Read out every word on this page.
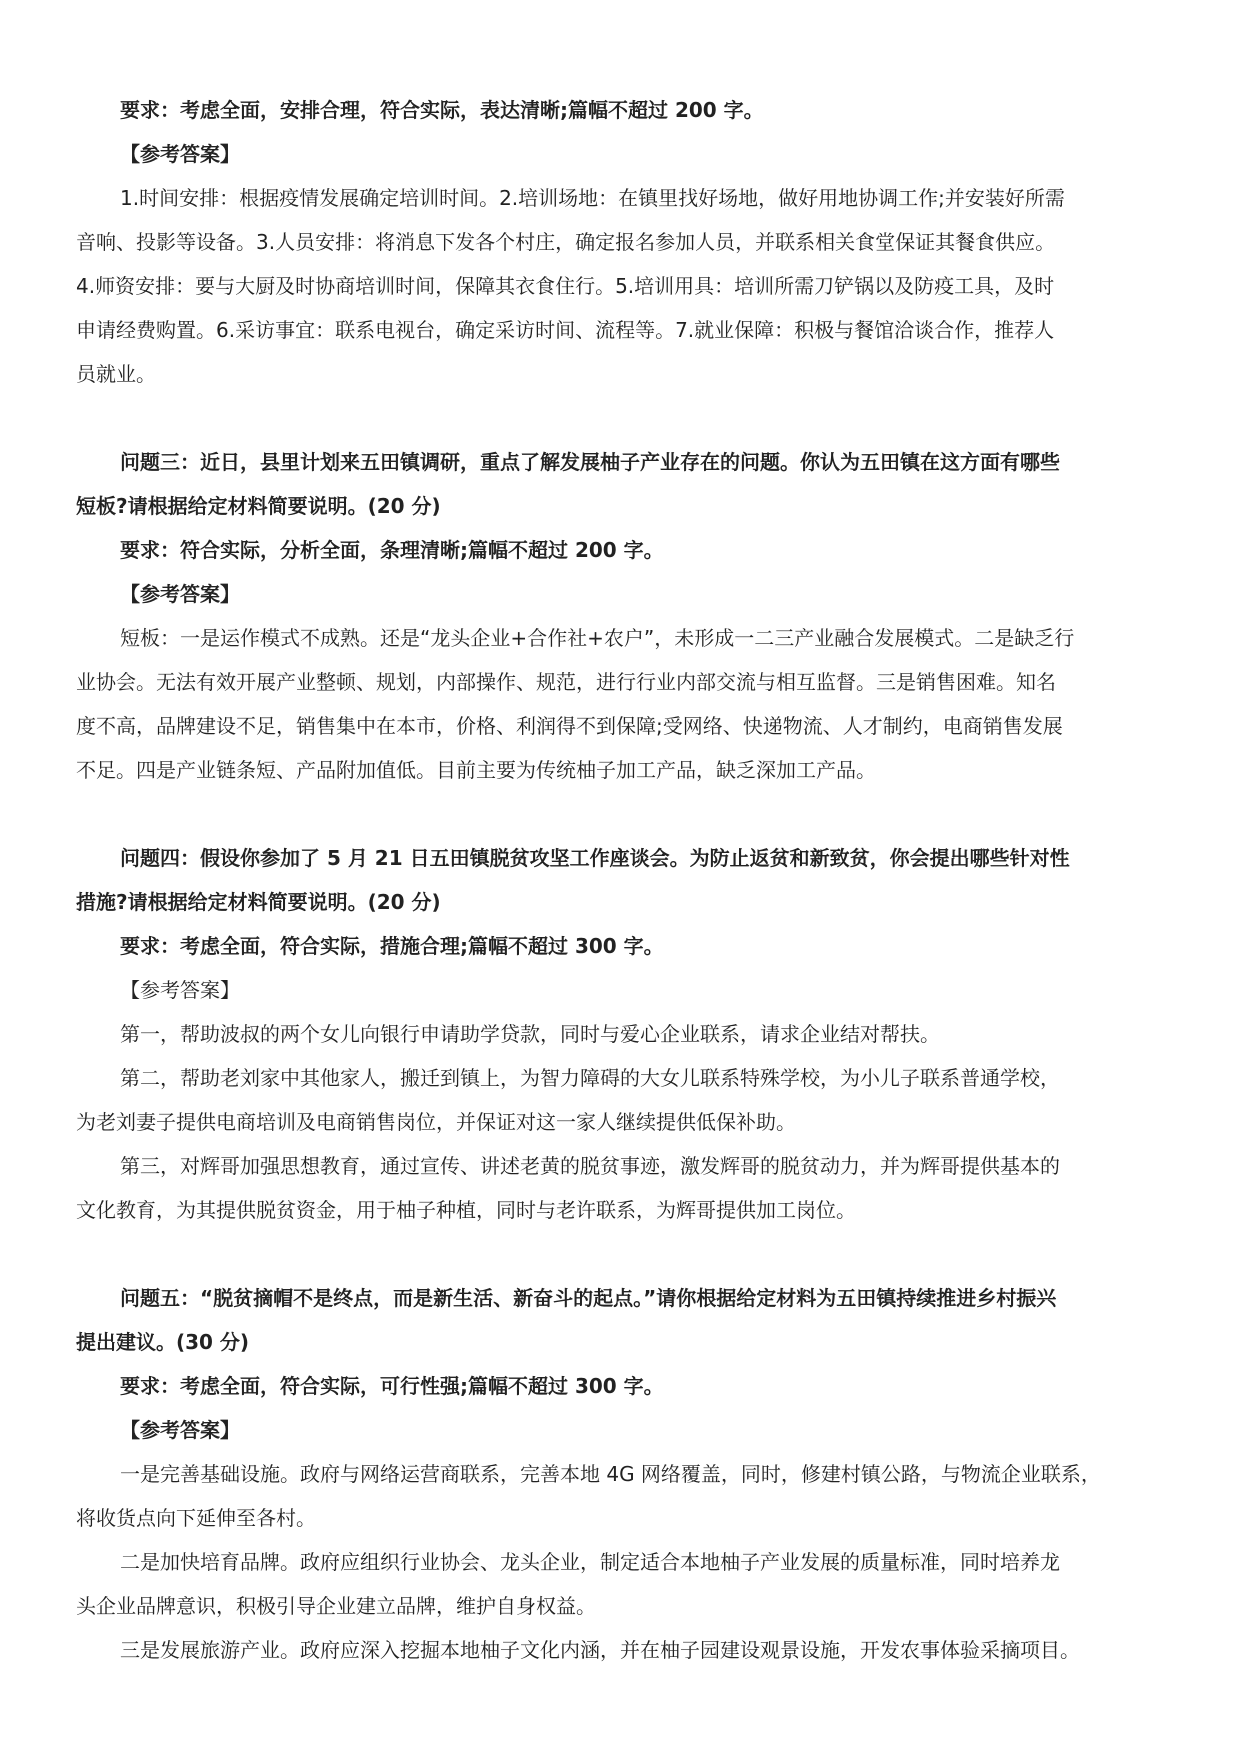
要求：考虑全面，安排合理，符合实际，表达清晰;篇幅不超过 200 字。
【参考答案】
1.时间安排：根据疫情发展确定培训时间。2.培训场地：在镇里找好场地，做好用地协调工作;并安装好所需
音响、投影等设备。3.人员安排：将消息下发各个村庄，确定报名参加人员，并联系相关食堂保证其餐食供应。
4.师资安排：要与大厨及时协商培训时间，保障其衣食住行。5.培训用具：培训所需刀铲锅以及防疫工具，及时
申请经费购置。6.采访事宜：联系电视台，确定采访时间、流程等。7.就业保障：积极与餐馆洽谈合作，推荐人
员就业。
问题三：近日，县里计划来五田镇调研，重点了解发展柚子产业存在的问题。你认为五田镇在这方面有哪些
短板?请根据给定材料简要说明。(20 分)
要求：符合实际，分析全面，条理清晰;篇幅不超过 200 字。
【参考答案】
短板：一是运作模式不成熟。还是“龙头企业+合作社+农户”，未形成一二三产业融合发展模式。二是缺乏行
业协会。无法有效开展产业整顿、规划，内部操作、规范，进行行业内部交流与相互监督。三是销售困难。知名
度不高，品牌建设不足，销售集中在本市，价格、利润得不到保障;受网络、快递物流、人才制约，电商销售发展
不足。四是产业链条短、产品附加值低。目前主要为传统柚子加工产品，缺乏深加工产品。
问题四：假设你参加了 5 月 21 日五田镇脱贫攻坚工作座谈会。为防止返贫和新致贫，你会提出哪些针对性
措施?请根据给定材料简要说明。(20 分)
要求：考虑全面，符合实际，措施合理;篇幅不超过 300 字。
【参考答案】
第一，帮助波叔的两个女儿向银行申请助学贷款，同时与爱心企业联系，请求企业结对帮扶。
第二，帮助老刘家中其他家人，搬迁到镇上，为智力障碍的大女儿联系特殊学校，为小儿子联系普通学校，
为老刘妻子提供电商培训及电商销售岗位，并保证对这一家人继续提供低保补助。
第三，对辉哥加强思想教育，通过宣传、讲述老黄的脱贫事迹，激发辉哥的脱贫动力，并为辉哥提供基本的
文化教育，为其提供脱贫资金，用于柚子种植，同时与老许联系，为辉哥提供加工岗位。
问题五：“脱贫摘帽不是终点，而是新生活、新奋斗的起点。”请你根据给定材料为五田镇持续推进乡村振兴
提出建议。(30 分)
要求：考虑全面，符合实际，可行性强;篇幅不超过 300 字。
【参考答案】
一是完善基础设施。政府与网络运营商联系，完善本地 4G 网络覆盖，同时，修建村镇公路，与物流企业联系，
将收货点向下延伸至各村。
二是加快培育品牌。政府应组织行业协会、龙头企业，制定适合本地柚子产业发展的质量标准，同时培养龙
头企业品牌意识，积极引导企业建立品牌，维护自身权益。
三是发展旅游产业。政府应深入挖掘本地柚子文化内涵，并在柚子园建设观景设施，开发农事体验采摘项目。
